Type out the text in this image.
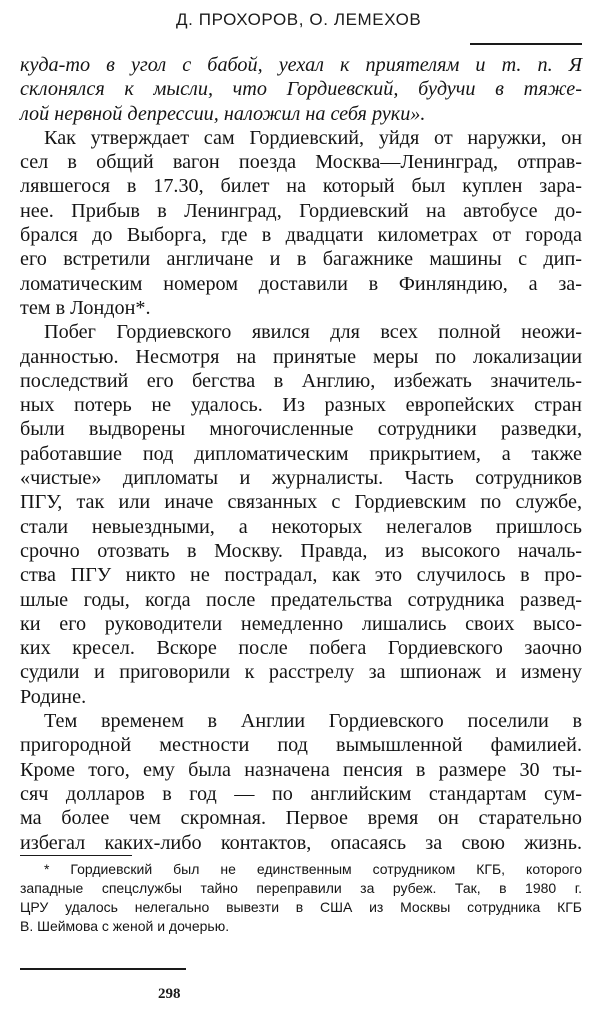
Д. ПРОХОРОВ, О. ЛЕМЕХОВ
куда-то в угол с бабой, уехал к приятелям и т. п. Я
склонялся к мысли, что Гордиевский, будучи в тяже-
лой нервной депрессии, наложил на себя руки».
Как утверждает сам Гордиевский, уйдя от наружки, он
сел в общий вагон поезда Москва—Ленинград, отправ-
лявшегося в 17.30, билет на который был куплен зара-
нее. Прибыв в Ленинград, Гордиевский на автобусе до-
брался до Выборга, где в двадцати километрах от города
его встретили англичане и в багажнике машины с дип-
ломатическим номером доставили в Финляндию, а за-
тем в Лондон*.
Побег Гордиевского явился для всех полной неожи-
данностью. Несмотря на принятые меры по локализации
последствий его бегства в Англию, избежать значитель-
ных потерь не удалось. Из разных европейских стран
были выдворены многочисленные сотрудники разведки,
работавшие под дипломатическим прикрытием, а также
«чистые» дипломаты и журналисты. Часть сотрудников
ПГУ, так или иначе связанных с Гордиевским по службе,
стали невыездными, а некоторых нелегалов пришлось
срочно отозвать в Москву. Правда, из высокого началь-
ства ПГУ никто не пострадал, как это случилось в про-
шлые годы, когда после предательства сотрудника развед-
ки его руководители немедленно лишались своих высо-
ких кресел. Вскоре после побега Гордиевского заочно
судили и приговорили к расстрелу за шпионаж и измену
Родине.
Тем временем в Англии Гордиевского поселили в
пригородной местности под вымышленной фамилией.
Кроме того, ему была назначена пенсия в размере 30 ты-
сяч долларов в год — по английским стандартам сум-
ма более чем скромная. Первое время он старательно
избегал каких-либо контактов, опасаясь за свою жизнь.
* Гордиевский был не единственным сотрудником КГБ, которого
западные спецслужбы тайно переправили за рубеж. Так, в 1980 г.
ЦРУ удалось нелегально вывезти в США из Москвы сотрудника КГБ
В. Шеймова с женой и дочерью.
298
